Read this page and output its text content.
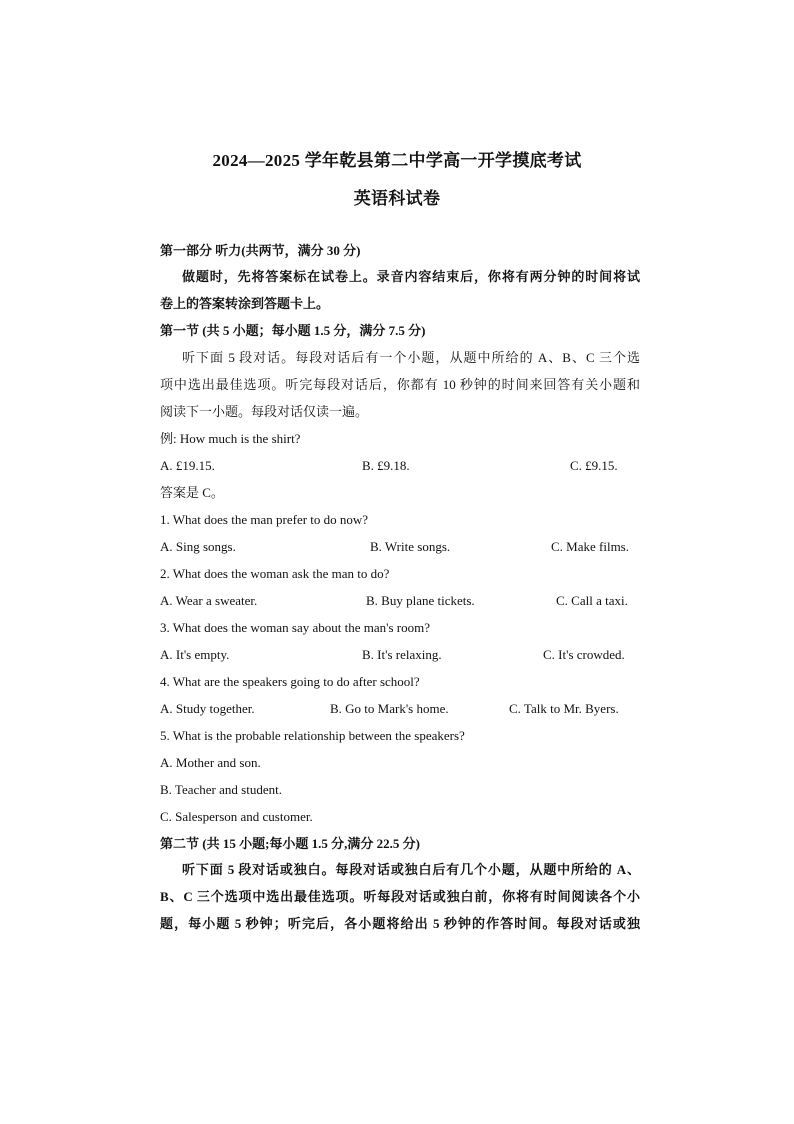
2024—2025 学年乾县第二中学高一开学摸底考试
英语科试卷
第一部分 听力(共两节，满分 30 分)
做题时，先将答案标在试卷上。录音内容结束后，你将有两分钟的时间将试
卷上的答案转涂到答题卡上。
第一节 (共 5 小题；每小题 1.5 分，满分 7.5 分)
听下面 5 段对话。每段对话后有一个小题，从题中所给的 A、B、C 三个选
项中选出最佳选项。听完每段对话后，你都有 10 秒钟的时间来回答有关小题和
阅读下一小题。每段对话仅读一遍。
例: How much is the shirt?
A. £19.15.	B. £9.18.	C. £9.15.
答案是 C。
1. What does the man prefer to do now?
A. Sing songs.	B. Write songs.	C. Make films.
2. What does the woman ask the man to do?
A. Wear a sweater.	B. Buy plane tickets.	C. Call a taxi.
3. What does the woman say about the man's room?
A. It's empty.	B. It's relaxing.	C. It's crowded.
4. What are the speakers going to do after school?
A. Study together.	B. Go to Mark's home.	C. Talk to Mr. Byers.
5. What is the probable relationship between the speakers?
A. Mother and son.
B. Teacher and student.
C. Salesperson and customer.
第二节 (共 15 小题;每小题 1.5 分,满分 22.5 分)
听下面 5 段对话或独白。每段对话或独白后有几个小题，从题中所给的 A、
B、C 三个选项中选出最佳选项。听每段对话或独白前，你将有时间阅读各个小
题，每小题 5 秒钟；听完后，各小题将给出 5 秒钟的作答时间。每段对话或独
